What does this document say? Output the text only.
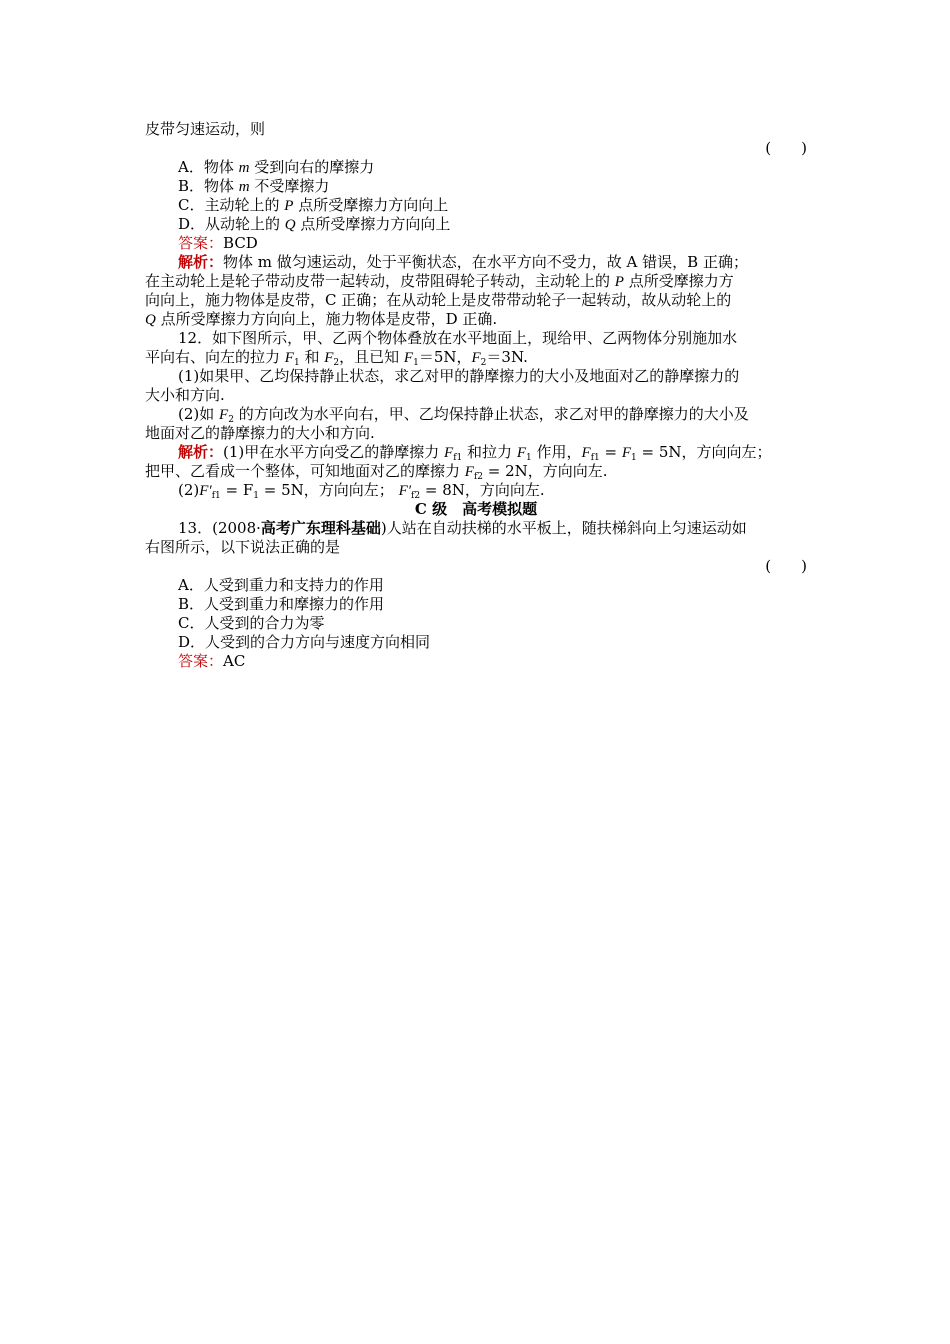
皮带匀速运动，则
(　　)
A．物体 m 受到向右的摩擦力
B．物体 m 不受摩擦力
C．主动轮上的 P 点所受摩擦力方向向上
D．从动轮上的 Q 点所受摩擦力方向向上
答案：BCD
解析：物体 m 做匀速运动，处于平衡状态，在水平方向不受力，故 A 错误，B 正确；
在主动轮上是轮子带动皮带一起转动，皮带阻碍轮子转动，主动轮上的 P 点所受摩擦力方
向向上，施力物体是皮带，C 正确；在从动轮上是皮带带动轮子一起转动，故从动轮上的
Q 点所受摩擦力方向向上，施力物体是皮带，D 正确.
12．如下图所示，甲、乙两个物体叠放在水平地面上，现给甲、乙两物体分别施加水
平向右、向左的拉力 $F_1$ 和 $F_2$，且已知 $F_1=5N$，$F_2=3N$.
(1)如果甲、乙均保持静止状态，求乙对甲的静摩擦力的大小及地面对乙的静摩擦力的
大小和方向.
(2)如 $F_2$ 的方向改为水平向右，甲、乙均保持静止状态，求乙对甲的静摩擦力的大小及
地面对乙的静摩擦力的大小和方向.
解析：(1)甲在水平方向受乙的静摩擦力 $F_{f1}$ 和拉力 $F_1$ 作用，$F_{f1} = F_1 = 5N$，方向向左；
把甲、乙看成一个整体，可知地面对乙的摩擦力 $F_{f2} = 2N$，方向向左.
$(2)F'_{f1} = F_1 = 5N$，方向向左； $F'_{f2} = 8N$，方向向左.
C 级　高考模拟题
13．(2008·高考广东理科基础)人站在自动扶梯的水平板上，随扶梯斜向上匀速运动如
右图所示，以下说法正确的是
(　　)
A．人受到重力和支持力的作用
B．人受到重力和摩擦力的作用
C．人受到的合力为零
D．人受到的合力方向与速度方向相同
答案：AC
